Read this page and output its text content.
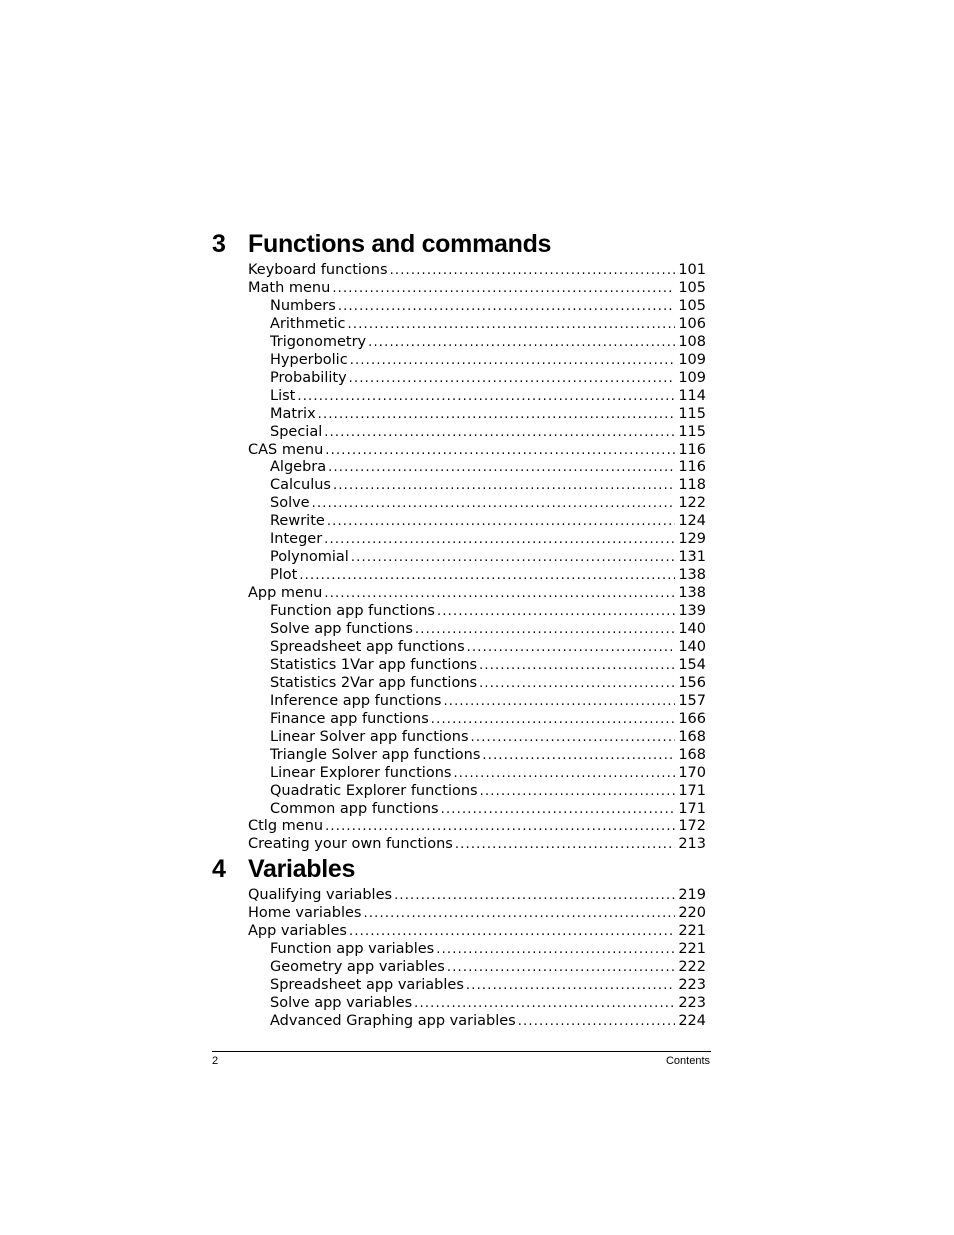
3 Functions and commands
Keyboard functions .....	101
Math menu .....	105
Numbers .....	105
Arithmetic .....	106
Trigonometry .....	108
Hyperbolic .....	109
Probability .....	109
List .....	114
Matrix .....	115
Special .....	115
CAS menu .....	116
Algebra .....	116
Calculus .....	118
Solve .....	122
Rewrite .....	124
Integer .....	129
Polynomial .....	131
Plot .....	138
App menu .....	138
Function app functions .....	139
Solve app functions .....	140
Spreadsheet app functions .....	140
Statistics 1Var app functions .....	154
Statistics 2Var app functions .....	156
Inference app functions .....	157
Finance app functions .....	166
Linear Solver app functions .....	168
Triangle Solver app functions .....	168
Linear Explorer functions .....	170
Quadratic Explorer functions .....	171
Common app functions .....	171
Ctlg menu .....	172
Creating your own functions .....	213
4 Variables
Qualifying variables .....	219
Home variables .....	220
App variables .....	221
Function app variables .....	221
Geometry app variables .....	222
Spreadsheet app variables .....	223
Solve app variables .....	223
Advanced Graphing app variables .....	224
2	Contents
